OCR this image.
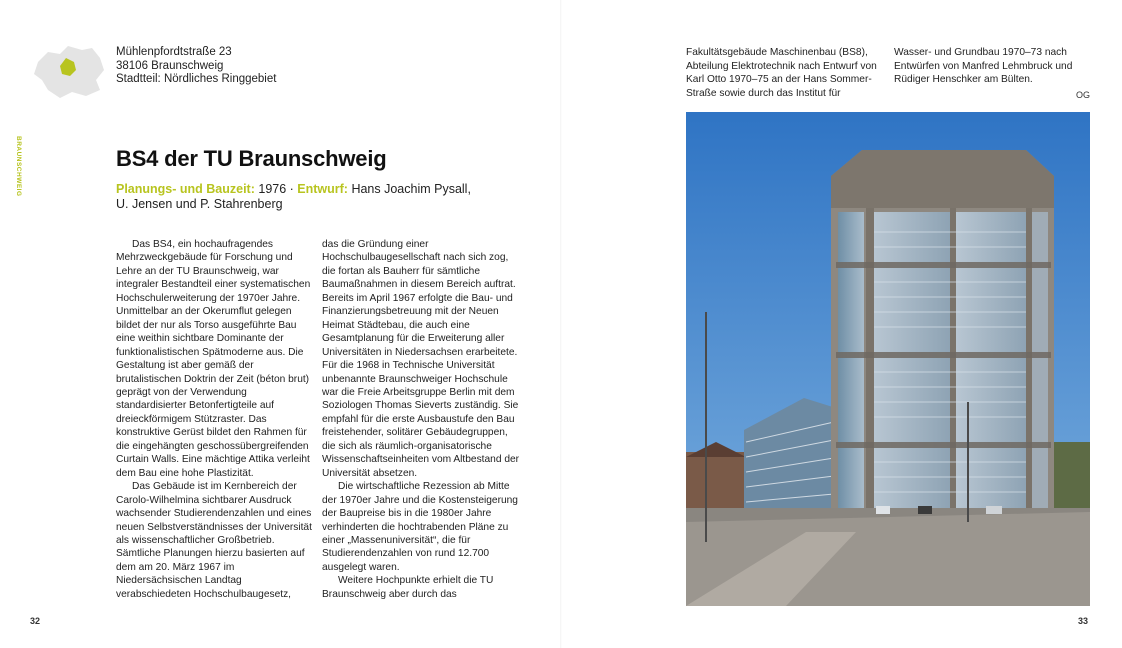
Mühlenpfordtstraße 23
38106 Braunschweig
Stadtteil: Nördliches Ringgebiet
BRAUNSCHWEIG	BS4 der TU Braunschweig
Planungs- und Bauzeit: 1976 · Entwurf: Hans Joachim Pysall, U. Jensen und P. Stahrenberg

Das BS4, ein hochaufragendes Mehrzweckgebäude für Forschung und Lehre an der TU Braunschweig, war integraler Bestandteil einer systematischen Hochschulerweiterung der 1970er Jahre. Unmittelbar an der Okerumflut gelegen bildet der nur als Torso ausgeführte Bau eine weithin sichtbare Dominante der funktionalistischen Spätmoderne aus. Die Gestaltung ist aber gemäß der brutalistischen Doktrin der Zeit (béton brut) geprägt von der Verwendung standardisierter Betonfertigteile auf dreieckförmigem Stützraster. Das konstruktive Gerüst bildet den Rahmen für die eingehängten geschossübergreifenden Curtain Walls. Eine mächtige Attika verleiht dem Bau eine hohe Plastizität.

Das Gebäude ist im Kernbereich der Carolo-Wilhelmina sichtbarer Ausdruck wachsender Studierendenzahlen und eines neuen Selbstverständnisses der Universität als wissenschaftlicher Großbetrieb. Sämtliche Planungen hierzu basierten auf dem am 20. März 1967 im Niedersächsischen Landtag verabschiedeten Hochschulbaugesetz,

das die Gründung einer Hochschulbaugesellschaft nach sich zog, die fortan als Bauherr für sämtliche Baumaßnahmen in diesem Bereich auftrat. Bereits im April 1967 erfolgte die Bau- und Finanzierungsbetreuung mit der Neuen Heimat Städtebau, die auch eine Gesamtplanung für die Erweiterung aller Universitäten in Niedersachsen erarbeitete. Für die 1968 in Technische Universität unbenannte Braunschweiger Hochschule war die Freie Arbeitsgruppe Berlin mit dem Soziologen Thomas Sieverts zuständig. Sie empfahl für die erste Ausbaustufe den Bau freistehender, solitärer Gebäudegruppen, die sich als räumlich-organisatorische Wissenschaftseinheiten vom Altbestand der Universität absetzen.

Die wirtschaftliche Rezession ab Mitte der 1970er Jahre und die Kostensteigerung der Baupreise bis in die 1980er Jahre verhinderten die hochtrabenden Pläne zu einer „Massenuniversität“, die für Studierendenzahlen von rund 12.700 ausgelegt waren.

Weitere Hochpunkte erhielt die TU Braunschweig aber durch das

32
Fakultätsgebäude Maschinenbau (BS8), Abteilung Elektrotechnik nach Entwurf von Karl Otto 1970–75 an der Hans Sommer-Straße sowie durch das Institut für
Wasser- und Grundbau 1970–73 nach Entwürfen von Manfred Lehmbruck und Rüdiger Henschker am Bülten.
OG
33
